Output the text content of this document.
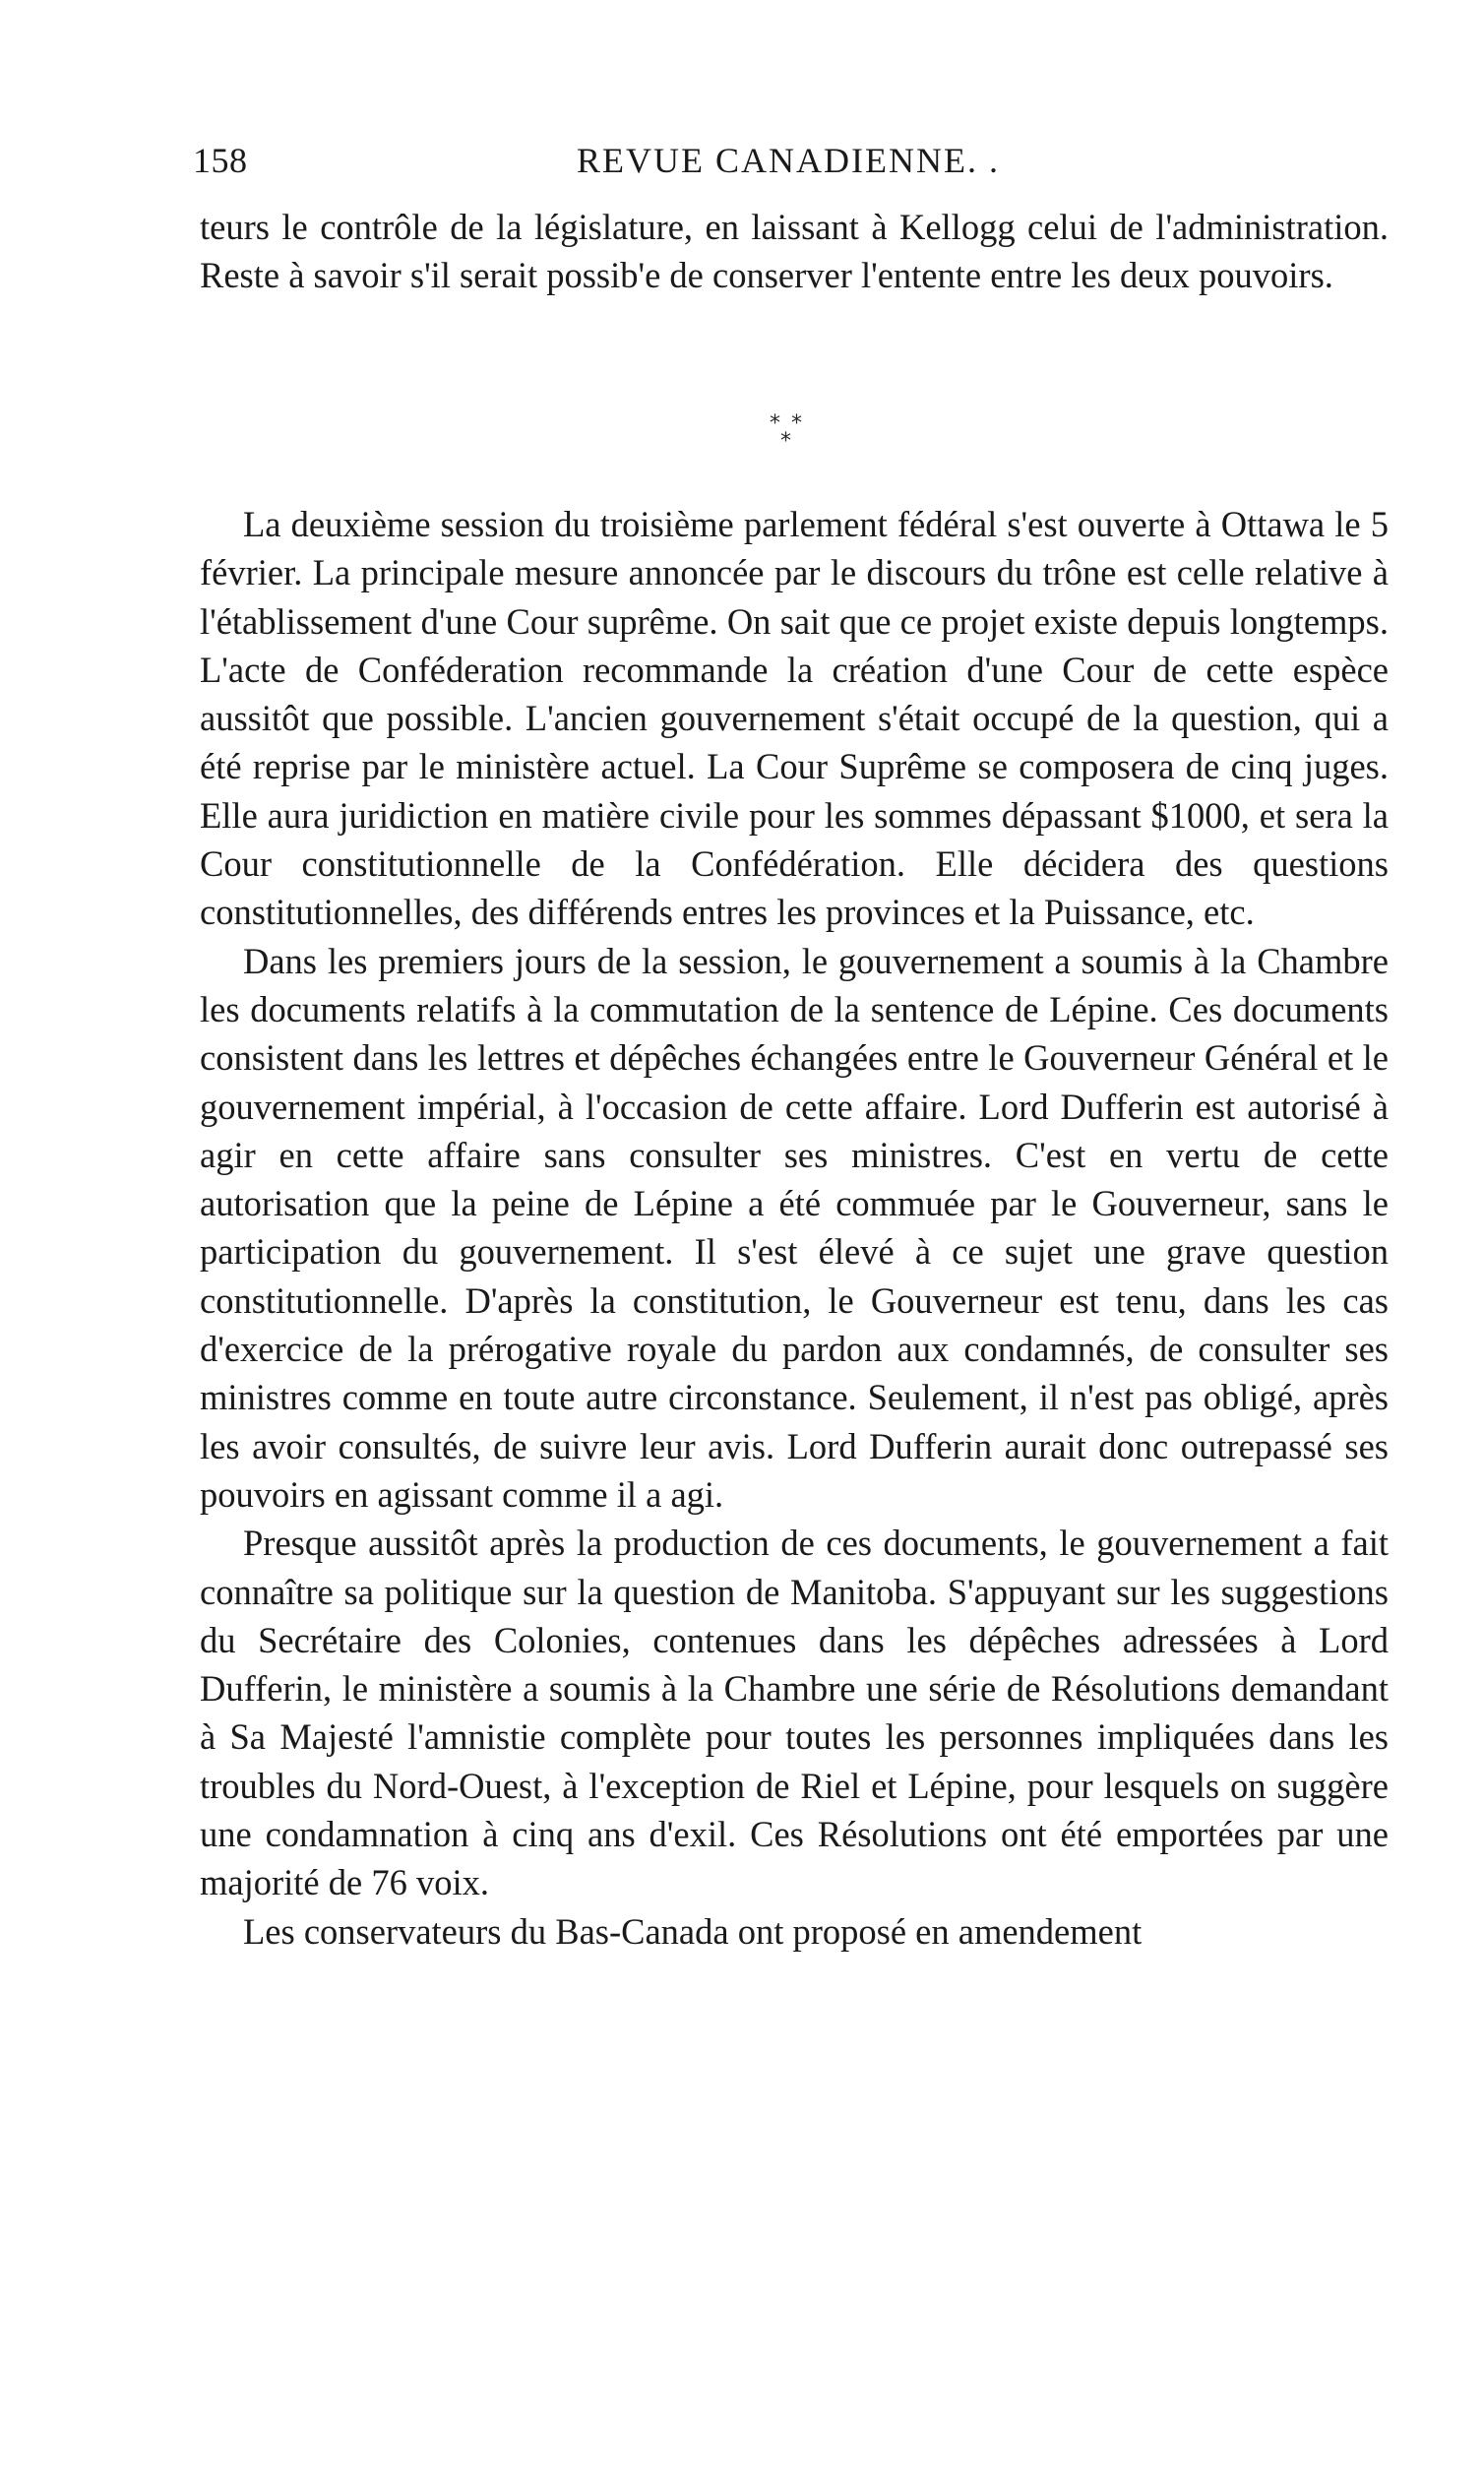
158	REVUE CANADIENNE. .

teurs le contrôle de la législature, en laissant à Kellogg celui de l'administration. Reste à savoir s'il serait possib'e de conserver l'entente entre les deux pouvoirs.

* *
*

La deuxième session du troisième parlement fédéral s'est ouverte à Ottawa le 5 février. La principale mesure annoncée par le discours du trône est celle relative à l'établissement d'une Cour suprême. On sait que ce projet existe depuis longtemps. L'acte de Conféderation recommande la création d'une Cour de cette espèce aussitôt que possible. L'ancien gouvernement s'était occupé de la question, qui a été reprise par le ministère actuel. La Cour Suprême se composera de cinq juges. Elle aura juridiction en matière civile pour les sommes dépassant $1000, et sera la Cour constitutionnelle de la Confédération. Elle décidera des questions constitutionnelles, des différends entres les provinces et la Puissance, etc.

Dans les premiers jours de la session, le gouvernement a soumis à la Chambre les documents relatifs à la commutation de la sentence de Lépine. Ces documents consistent dans les lettres et dépêches échangées entre le Gouverneur Général et le gouvernement impérial, à l'occasion de cette affaire. Lord Dufferin est autorisé à agir en cette affaire sans consulter ses ministres. C'est en vertu de cette autorisation que la peine de Lépine a été commuée par le Gouverneur, sans le participation du gouvernement. Il s'est élevé à ce sujet une grave question constitutionnelle. D'après la constitution, le Gouverneur est tenu, dans les cas d'exercice de la prérogative royale du pardon aux condamnés, de consulter ses ministres comme en toute autre circonstance. Seulement, il n'est pas obligé, après les avoir consultés, de suivre leur avis. Lord Dufferin aurait donc outrepassé ses pouvoirs en agissant comme il a agi.

Presque aussitôt après la production de ces documents, le gouvernement a fait connaître sa politique sur la question de Manitoba. S'appuyant sur les suggestions du Secrétaire des Colonies, contenues dans les dépêches adressées à Lord Dufferin, le ministère a soumis à la Chambre une série de Résolutions demandant à Sa Majesté l'amnistie complète pour toutes les personnes impliquées dans les troubles du Nord-Ouest, à l'exception de Riel et Lépine, pour lesquels on suggère une condamnation à cinq ans d'exil. Ces Résolutions ont été emportées par une majorité de 76 voix.

Les conservateurs du Bas-Canada ont proposé en amendement
